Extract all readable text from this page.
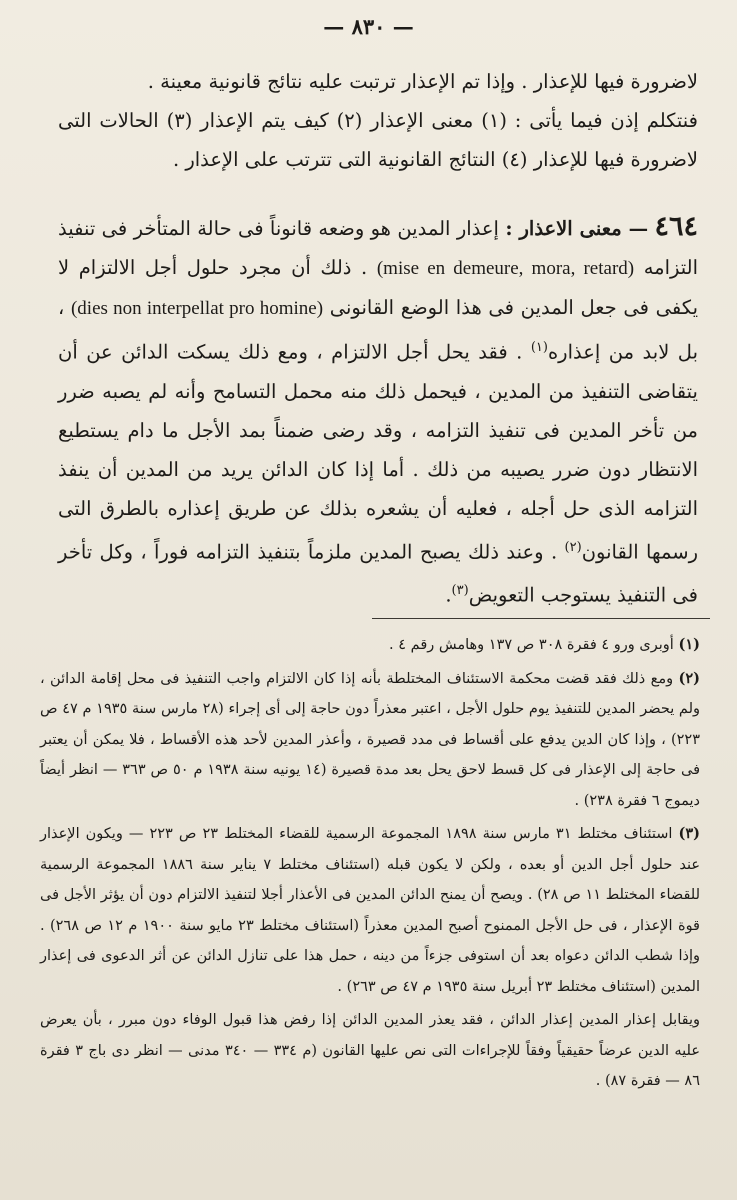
— ٨٣٠ —

لاضرورة فيها للإعذار . وإذا تم الإعذار ترتبت عليه نتائج قانونية معينة .

فنتكلم إذن فيما يأتى : (١) معنى الإعذار (٢) كيف يتم الإعذار (٣) الحالات التى لاضرورة فيها للإعذار (٤) النتائج القانونية التى تترتب على الإعذار .

٤٦٤ — معنى الاعذار : إعذار المدين هو وضعه قانوناً فى حالة المتأخر فى تنفيذ التزامه (mise en demeure, mora, retard) . ذلك أن مجرد حلول أجل الالتزام لا يكفى فى جعل المدين فى هذا الوضع القانونى (dies non interpellat pro homine) ، بل لابد من إعذاره$^{(١)}$ . فقد يحل أجل الالتزام ، ومع ذلك يسكت الدائن عن أن يتقاضى التنفيذ من المدين ، فيحمل ذلك منه محمل التسامح وأنه لم يصبه ضرر من تأخر المدين فى تنفيذ التزامه ، وقد رضى ضمناً بمد الأجل ما دام يستطيع الانتظار دون ضرر يصيبه من ذلك . أما إذا كان الدائن يريد من المدين أن ينفذ التزامه الذى حل أجله ، فعليه أن يشعره بذلك عن طريق إعذاره بالطرق التى رسمها القانون$^{(٢)}$ . وعند ذلك يصبح المدين ملزماً بتنفيذ التزامه فوراً ، وكل تأخر فى التنفيذ يستوجب التعويض$^{(٣)}$.

(١) أوبرى ورو ٤ فقرة ٣٠٨ ص ١٣٧ وهامش رقم ٤ .

(٢) ومع ذلك فقد قضت محكمة الاستئناف المختلطة بأنه إذا كان الالتزام واجب التنفيذ فى محل إقامة الدائن ، ولم يحضر المدين للتنفيذ يوم حلول الأجل ، اعتبر معذراً دون حاجة إلى أى إجراء (٢٨ مارس سنة ١٩٣٥ م ٤٧ ص ٢٢٣) ، وإذا كان الدين يدفع على أقساط فى مدد قصيرة ، وأعذر المدين لأحد هذه الأقساط ، فلا يمكن أن يعتبر فى حاجة إلى الإعذار فى كل قسط لاحق يحل بعد مدة قصيرة (١٤ يونيه سنة ١٩٣٨ م ٥٠ ص ٣٦٣ — انظر أيضاً ديموج ٦ فقرة ٢٣٨) .

(٣) استئناف مختلط ٣١ مارس سنة ١٨٩٨ المجموعة الرسمية للقضاء المختلط ٢٣ ص ٢٢٣ — ويكون الإعذار عند حلول أجل الدين أو بعده ، ولكن لا يكون قبله (استئناف مختلط ٧ يناير سنة ١٨٨٦ المجموعة الرسمية للقضاء المختلط ١١ ص ٢٨) . ويصح أن يمنح الدائن المدين فى الأعذار أجلا لتنفيذ الالتزام دون أن يؤثر الأجل فى قوة الإعذار ، فى حل الأجل الممنوح أصبح المدين معذراً (استئناف مختلط ٢٣ مايو سنة ١٩٠٠ م ١٢ ص ٢٦٨) . وإذا شطب الدائن دعواه بعد أن استوفى جزءاً من دينه ، حمل هذا على تنازل الدائن عن أثر الدعوى فى إعذار المدين (استئناف مختلط ٢٣ أبريل سنة ١٩٣٥ م ٤٧ ص ٢٦٣) .

ويقابل إعذار المدين إعذار الدائن ، فقد يعذر المدين الدائن إذا رفض هذا قبول الوفاء دون مبرر ، بأن يعرض عليه الدين عرضاً حقيقياً وفقاً للإجراءات التى نص عليها القانون (م ٣٣٤ — ٣٤٠ مدنى — انظر دى باج ٣ فقرة ٨٦ — فقرة ٨٧) .
